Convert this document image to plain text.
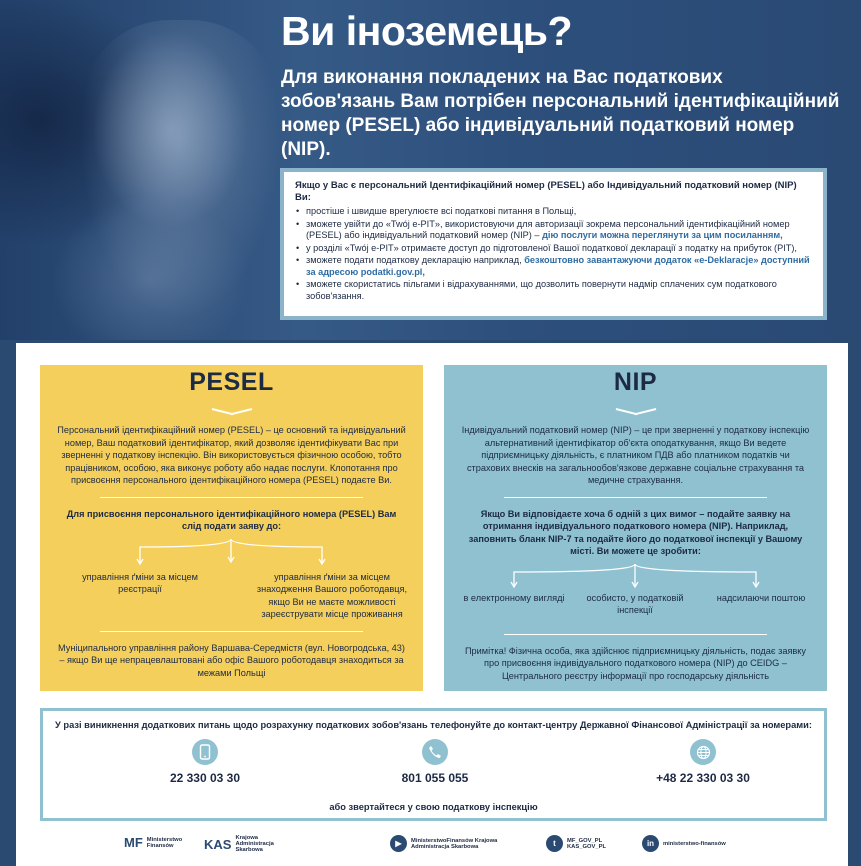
Ви іноземець?
Для виконання покладених на Вас податкових зобов'язань Вам потрібен персональний ідентифікаційний номер (PESEL) або індивідуальний податковий номер (NIP).
Якщо у Вас є персональний Ідентифікаційний номер (PESEL) або Індивідуальний податковий номер (NIP) Ви:
• простіше і швидше врегулюєте всі податкові питання в Польщі,
• зможете увійти до «Twój e-PIT», використовуючи для авторизації зокрема персональний ідентифікаційний номер (PESEL) або індивідуальний податковий номер (NIP) – дію послуги можна переглянути за цим посиланням,
• у розділі «Twój e-PIT» отримаєте доступ до підготовленої Вашої податкової декларації з податку на прибуток (PIT),
• зможете подати податкову декларацію наприклад, безкоштовно завантажуючи додаток «e-Deklaracje» доступний за адресою podatki.gov.pl,
• зможете скористатись пільгами і відрахуваннями, що дозволить повернути надмір сплачених сум податкового зобов'язання.
PESEL
Персональний ідентифікаційний номер (PESEL) – це основний та індивідуальний номер, Ваш податковий ідентифікатор, який дозволяє ідентифікувати Вас при зверненні у податкову інспекцію. Він використовується фізичною особою, тобто працівником, особою, яка виконує роботу або надає послуги. Клопотання про присвоєння персонального ідентифікаційного номера (PESEL) подаєте Ви.
Для присвоєння персонального ідентифікаційного номера (PESEL) Вам слід подати заяву до:
управління ґміни за місцем реєстрації
управління ґміни за місцем знаходження Вашого роботодавця, якщо Ви не маєте можливості зареєструвати місце проживання
Муніципального управління району Варшава-Середмістя (вул. Новогродська, 43) – якщо Ви ще непрацевлаштовані або офіс Вашого роботодавця знаходиться за межами Польщі
NIP
Індивідуальний податковий номер (NIP) – це при зверненні у податкову інспекцію альтернативний ідентифікатор об'єкта оподаткування, якщо Ви ведете підприємницьку діяльність, є платником ПДВ або платником податків чи страхових внесків на загальнообов'язкове державне соціальне страхування та медичне страхування.
Якщо Ви відповідаєте хоча б одній з цих вимог – подайте заявку на отримання індивідуального податкового номера (NIP). Наприклад, заповнить бланк NIP-7 та подайте його до податкової інспекції у Вашому місті. Ви можете це зробити:
в електронному вигляді	особисто, у податковій інспекції
надсилаючи поштою
Примітка! Фізична особа, яка здійснює підприємницьку діяльність, подає заявку про присвоєння індивідуального податкового номера (NIP) до CEIDG – Центрального реєстру інформації про господарську діяльність
У разі виникнення додаткових питань щодо розрахунку податкових зобов'язань телефонуйте до контакт-центру Державної Фінансової Адміністрації за номерами:
22 330 03 30	801 055 055	+48 22 330 03 30
або звертайтеся у свою податкову інспекцію
MF Ministerstwo Finansów	KAS Krajowa Administracja Skarbowa
▶	MinisterstwoFinansów Krajowa Administracja Skarbowa	t	MF_GOV_PL KAS_GOV_PL	in	ministerstwo-finansów
